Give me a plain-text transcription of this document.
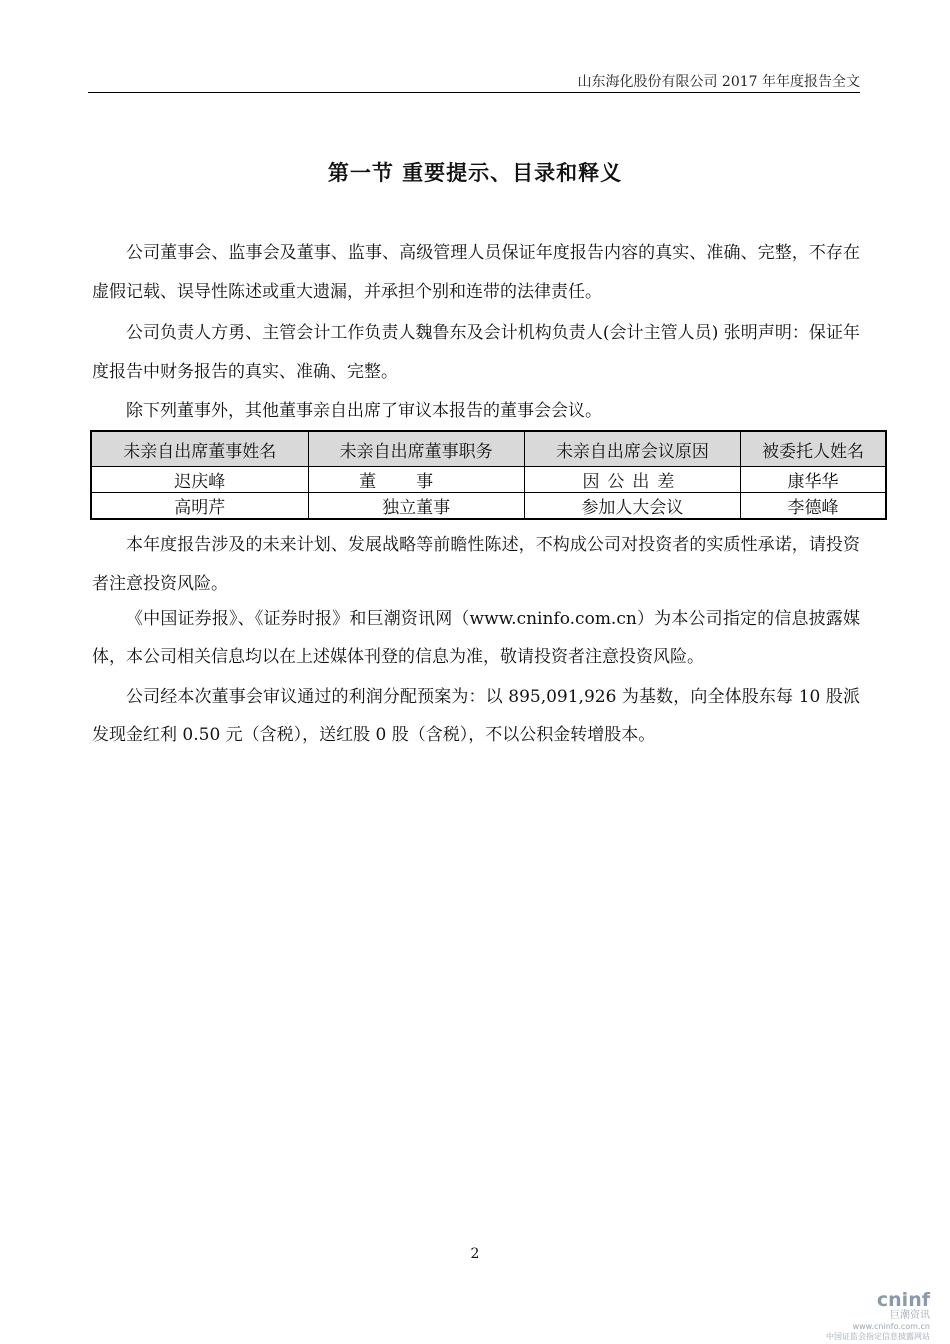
山东海化股份有限公司 2017 年年度报告全文
第一节 重要提示、目录和释义

公司董事会、监事会及董事、监事、高级管理人员保证年度报告内容的真实、准确、完整，不存在虚假记载、误导性陈述或重大遗漏，并承担个别和连带的法律责任。

公司负责人方勇、主管会计工作负责人魏鲁东及会计机构负责人(会计主管人员) 张明声明：保证年度报告中财务报告的真实、准确、完整。

除下列董事外，其他董事亲自出席了审议本报告的董事会会议。

未亲自出席董事姓名	未亲自出席董事职务	未亲自出席会议原因	被委托人姓名
迟庆峰	董事	因公出差	康华华
高明芹	独立董事	参加人大会议	李德峰

本年度报告涉及的未来计划、发展战略等前瞻性陈述，不构成公司对投资者的实质性承诺，请投资者注意投资风险。

《中国证券报》、《证券时报》和巨潮资讯网（www.cninfo.com.cn）为本公司指定的信息披露媒体，本公司相关信息均以在上述媒体刊登的信息为准，敬请投资者注意投资风险。

公司经本次董事会审议通过的利润分配预案为：以 895,091,926 为基数，向全体股东每 10 股派发现金红利 0.50 元（含税），送红股 0 股（含税），不以公积金转增股本。

2
cninf
巨潮资讯
www.cninfo.com.cn
中国证监会指定信息披露网站
